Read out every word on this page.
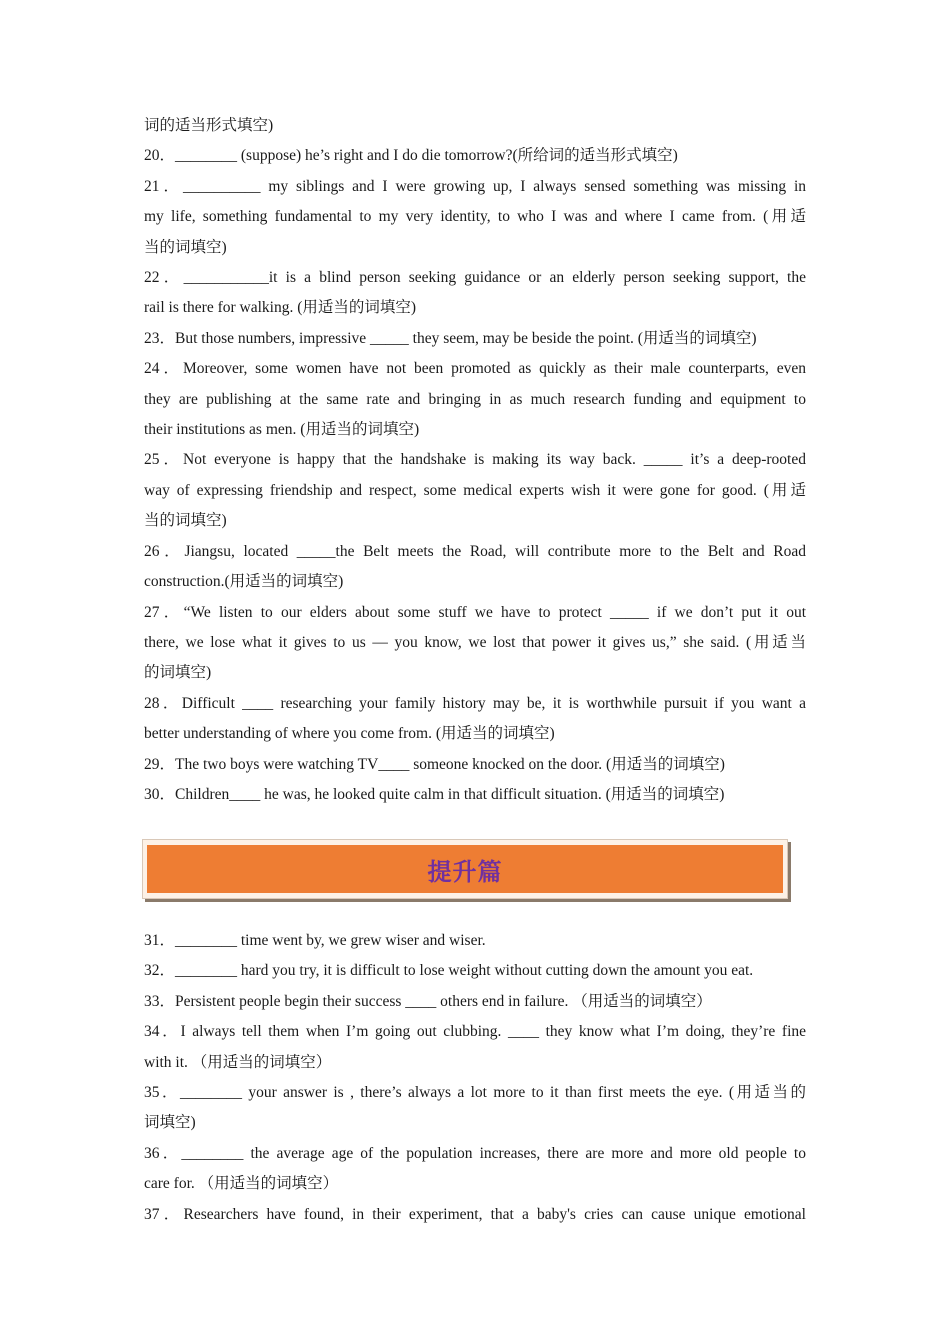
词的适当形式填空)
20．________ (suppose) he’s right and I do die tomorrow?(所给词的适当形式填空)
21．__________ my siblings and I were growing up, I always sensed something was missing in
my life, something fundamental to my very identity, to who I was and where I came from. (用适
当的词填空)
22．___________it is a blind person seeking guidance or an elderly person seeking support, the
rail is there for walking. (用适当的词填空)
23．But those numbers, impressive _____ they seem, may be beside the point. (用适当的词填空)
24．Moreover, some women have not been promoted as quickly as their male counterparts, even
they are publishing at the same rate and bringing in as much research funding and equipment to
their institutions as men. (用适当的词填空)
25．Not everyone is happy that the handshake is making its way back. _____ it’s a deep-rooted
way of expressing friendship and respect, some medical experts wish it were gone for good. (用适
当的词填空)
26．Jiangsu, located _____the Belt meets the Road, will contribute more to the Belt and Road
construction.(用适当的词填空)
27．“We listen to our elders about some stuff we have to protect _____ if we don’t put it out
there, we lose what it gives to us — you know, we lost that power it gives us,” she said. (用适当
的词填空)
28．Difficult ____ researching your family history may be, it is worthwhile pursuit if you want a
better understanding of where you come from. (用适当的词填空)
29．The two boys were watching TV____ someone knocked on the door. (用适当的词填空)
30．Children____ he was, he looked quite calm in that difficult situation. (用适当的词填空)
提升篇
31．________ time went by, we grew wiser and wiser.
32．________ hard you try, it is difficult to lose weight without cutting down the amount you eat.
33．Persistent people begin their success ____ others end in failure. （用适当的词填空）
34．I always tell them when I’m going out clubbing. ____ they know what I’m doing, they’re fine
with it. （用适当的词填空）
35．________ your answer is , there’s always a lot more to it than first meets the eye. (用适当的
词填空)
36．________ the average age of the population increases, there are more and more old people to
care for. （用适当的词填空）
37．Researchers have found, in their experiment, that a baby's cries can cause unique emotional
